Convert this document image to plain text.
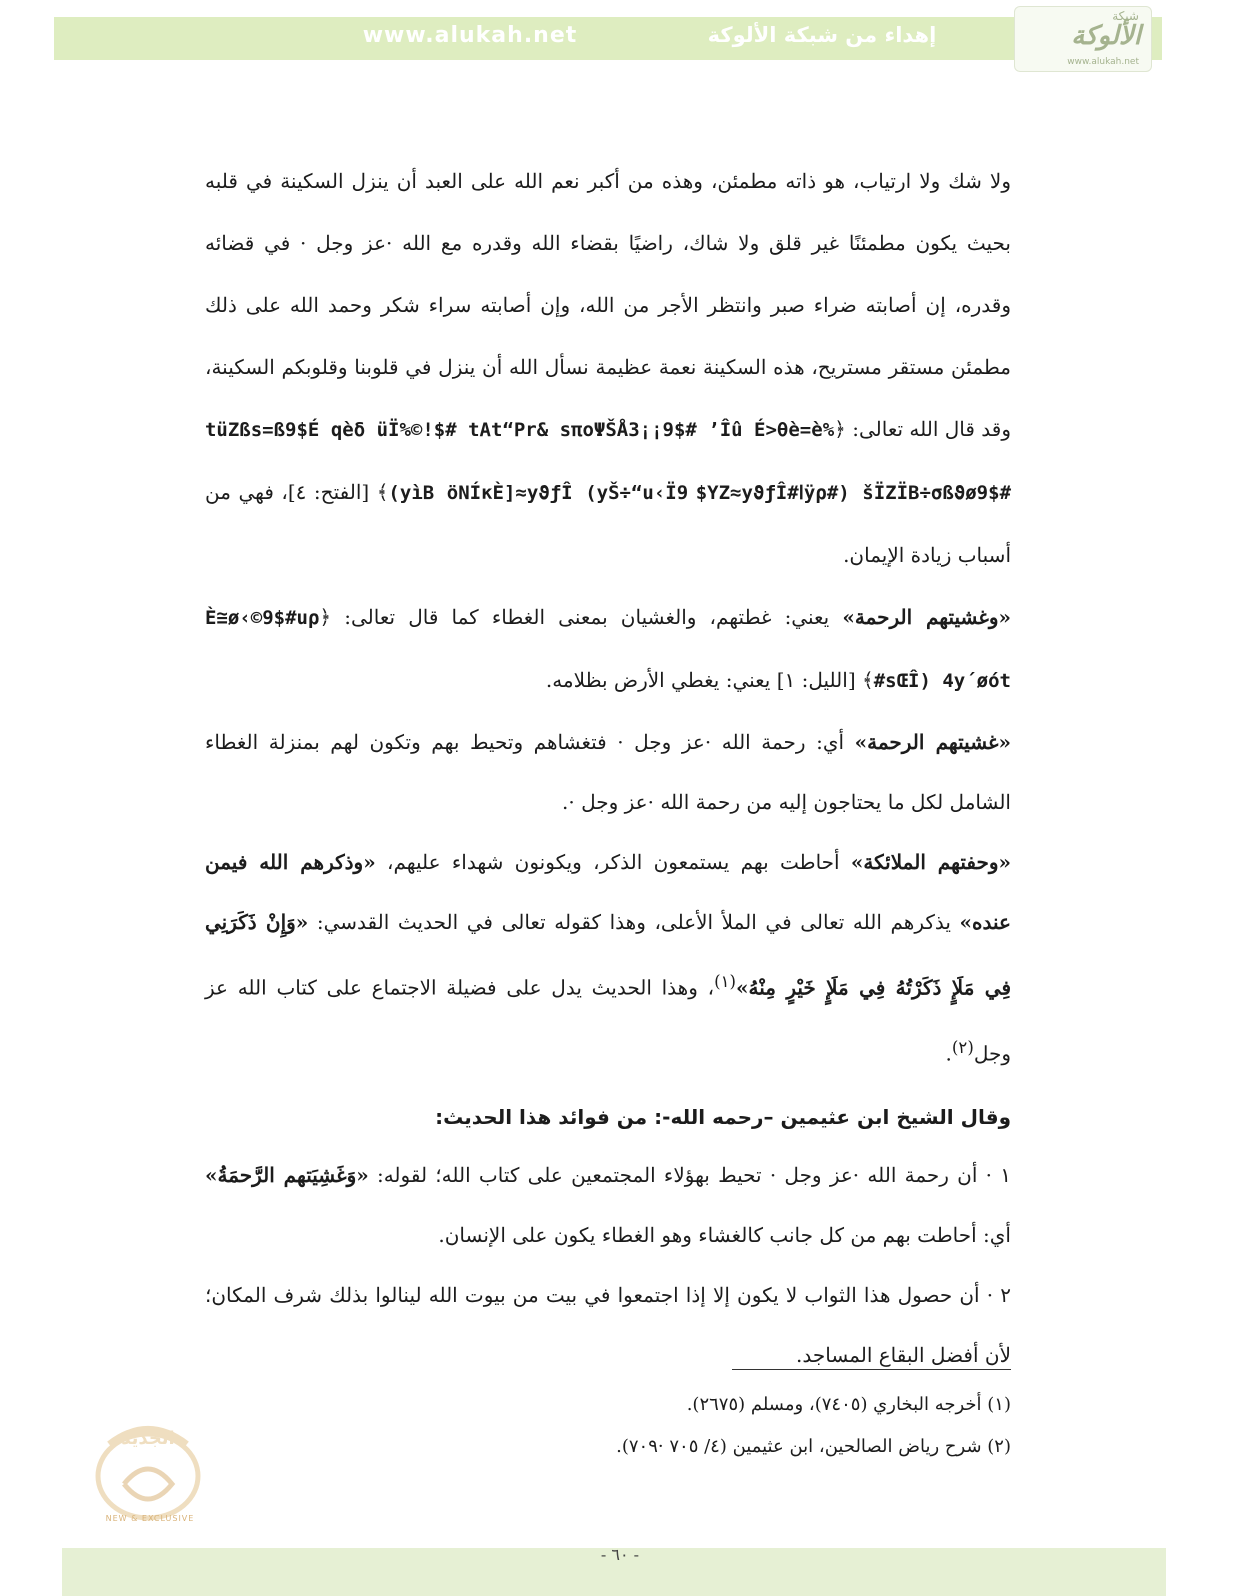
www.alukah.net	إهداء من شبكة الألوكة
شبكة
الألوكة
www.alukah.net

ولا شك ولا ارتياب، هو ذاته مطمئن، وهذه من أكبر نعم الله على العبد أن ينزل السكينة في قلبه بحيث يكون مطمئنًا غير قلق ولا شاك، راضيًا بقضاء الله وقدره مع الله ·عز وجل · في قضائه وقدره، إن أصابته ضراء صبر وانتظر الأجر من الله، وإن أصابته سراء شكر وحمد الله على ذلك مطمئن مستقر مستريح، هذه السكينة نعمة عظيمة نسأل الله أن ينزل في قلوبنا وقلوبكم السكينة، وقد قال الله تعالى: ﴿tüZßs=ß9$É qèδ üÏ%©!$# tΑt“Ρr& sπoΨŠÅ3¡¡9$# ’Îû É>θè=è% šÏΖÏΒ÷σßϑø9$# (#ÿρߊ#yŠ÷“u‹Ï9 $YΖ≈yϑƒÎ) yìΒ öΝÍκÈ]≈yϑƒÎ)﴾ [الفتح: ٤]، فهي من أسباب زيادة الإيمان.

«وغشيتهم الرحمة» يعني: غطتهم، والغشيان بمعنى الغطاء كما قال تعالى: ﴿È≅ø‹©9$#uρ #sŒÎ) 4y´øót﴾ [الليل: ١] يعني: يغطي الأرض بظلامه.

«غشيتهم الرحمة» أي: رحمة الله ·عز وجل · فتغشاهم وتحيط بهم وتكون لهم بمنزلة الغطاء الشامل لكل ما يحتاجون إليه من رحمة الله ·عز وجل ·.

«وحفتهم الملائكة» أحاطت بهم يستمعون الذكر، ويكونون شهداء عليهم، «وذكرهم الله فيمن عنده» يذكرهم الله تعالى في الملأ الأعلى، وهذا كقوله تعالى في الحديث القدسي: «وَإِنْ ذَكَرَنِي فِي مَلَإٍ ذَكَرْتُهُ فِي مَلَإٍ خَيْرٍ مِنْهُ»$^{(١)}$، وهذا الحديث يدل على فضيلة الاجتماع على كتاب الله عز وجل$^{(٢)}$.

وقال الشيخ ابن عثيمين –رحمه الله-: من فوائد هذا الحديث:

١ · أن رحمة الله ·عز وجل · تحيط بهؤلاء المجتمعين على كتاب الله؛ لقوله: «وَغَشِيَتهم الرَّحمَةُ» أي: أحاطت بهم من كل جانب كالغشاء وهو الغطاء يكون على الإنسان.

٢ · أن حصول هذا الثواب لا يكون إلا إذا اجتمعوا في بيت من بيوت الله لينالوا بذلك شرف المكان؛ لأن أفضل البقاع المساجد.

(١) أخرجه البخاري (٧٤٠٥)، ومسلم (٢٦٧٥).

(٢) شرح رياض الصالحين، ابن عثيمين (٤/ ٧٠٥ ·٧٠٩).

الجديد
NEW & EXCLUSIVE
- ٦٠ -
